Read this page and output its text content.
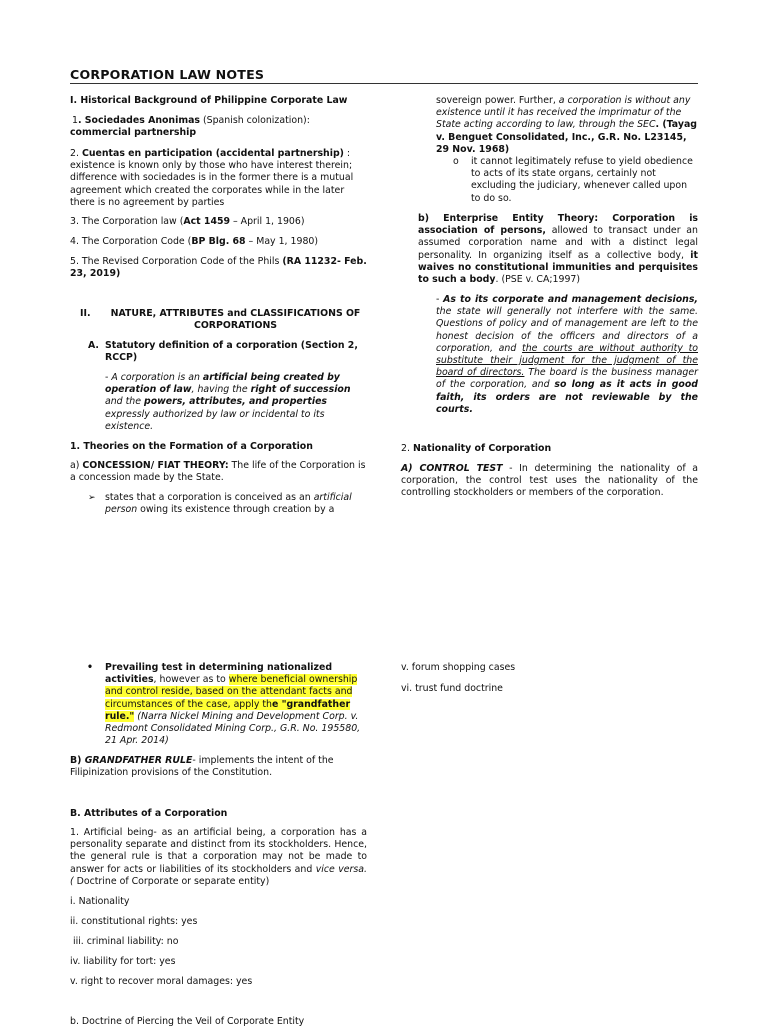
CORPORATION LAW NOTES

I. Historical Background of Philippine Corporate Law

1. Sociedades Anonimas (Spanish colonization):

commercial partnership

2. Cuentas en participation (accidental partnership) : existence is known only by those who have interest therein; difference with sociedades is in the former there is a mutual agreement which created the corporates while in the later there is no agreement by parties

3. The Corporation law (Act 1459 – April 1, 1906)

4. The Corporation Code (BP Blg. 68 – May 1, 1980)

5. The Revised Corporation Code of the Phils (RA 11232- Feb. 23, 2019)

II.	NATURE, ATTRIBUTES and CLASSIFICATIONS OF CORPORATIONS

A. Statutory definition of a corporation (Section 2, RCCP)

- A corporation is an artificial being created by operation of law, having the right of succession and the powers, attributes, and properties expressly authorized by law or incidental to its existence.

1. Theories on the Formation of a Corporation

a) CONCESSION/ FIAT THEORY: The life of the Corporation is a concession made by the State.

➢ states that a corporation is conceived as an artificial person owing its existence through creation by a

• Prevailing test in determining nationalized activities, however as to where beneficial ownership and control reside, based on the attendant facts and circumstances of the case, apply the "grandfather rule." (Narra Nickel Mining and Development Corp. v. Redmont Consolidated Mining Corp., G.R. No. 195580, 21 Apr. 2014)

B) GRANDFATHER RULE- implements the intent of the Filipinization provisions of the Constitution.

B. Attributes of a Corporation

1. Artificial being- as an artificial being, a corporation has a personality separate and distinct from its stockholders. Hence, the general rule is that a corporation may not be made to answer for acts or liabilities of its stockholders and vice versa. ( Doctrine of Corporate or separate entity)

i. Nationality

ii. constitutional rights: yes

iii. criminal liability: no

iv. liability for tort: yes

v. right to recover moral damages: yes

b. Doctrine of Piercing the Veil of Corporate Entity

sovereign power. Further, a corporation is without any existence until it has received the imprimatur of the State acting according to law, through the SEC. (Tayag v. Benguet Consolidated, Inc., G.R. No. L23145, 29 Nov. 1968)

o it cannot legitimately refuse to yield obedience to acts of its state organs, certainly not excluding the judiciary, whenever called upon to do so.

b) Enterprise Entity Theory: Corporation is association of persons, allowed to transact under an assumed corporation name and with a distinct legal personality. In organizing itself as a collective body, it waives no constitutional immunities and perquisites to such a body. (PSE v. CA;1997)

- As to its corporate and management decisions, the state will generally not interfere with the same. Questions of policy and of management are left to the honest decision of the officers and directors of a corporation, and the courts are without authority to substitute their judgment for the judgment of the board of directors. The board is the business manager of the corporation, and so long as it acts in good faith, its orders are not reviewable by the courts.

2. Nationality of Corporation

A) CONTROL TEST - In determining the nationality of a corporation, the control test uses the nationality of the controlling stockholders or members of the corporation.

v. forum shopping cases

vi. trust fund doctrine
